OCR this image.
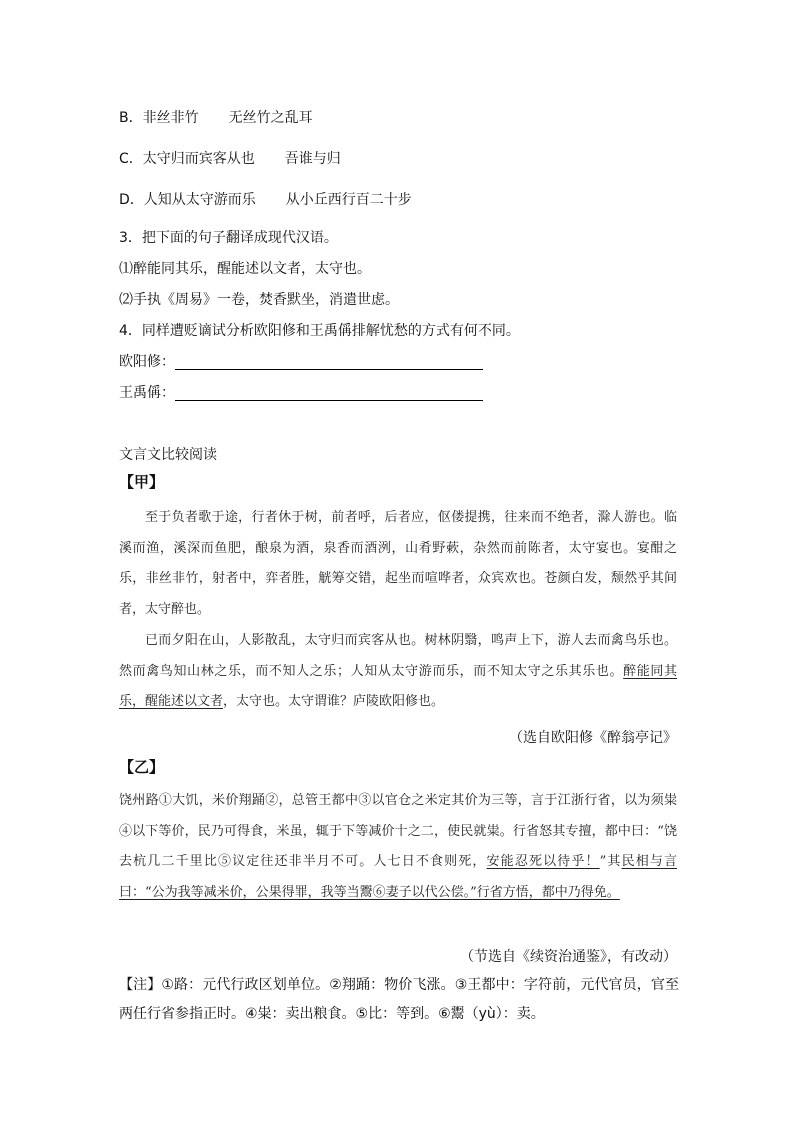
B．非丝非竹 无丝竹之乱耳
C．太守归而宾客从也 吾谁与归
D．人知从太守游而乐 从小丘西行百二十步
3．把下面的句子翻译成现代汉语。
⑴醉能同其乐，醒能述以文者，太守也。
⑵手执《周易》一卷，焚香默坐，消遣世虑。
4．同样遭贬谪试分析欧阳修和王禹偁排解忧愁的方式有何不同。
欧阳修：
王禹偁：
文言文比较阅读
【甲】

至于负者歌于途，行者休于树，前者呼，后者应，伛偻提携，往来而不绝者，滁人游也。临溪而渔，溪深而鱼肥，酿泉为酒，泉香而酒洌，山肴野蔌，杂然而前陈者，太守宴也。宴酣之乐，非丝非竹，射者中，弈者胜，觥筹交错，起坐而喧哗者，众宾欢也。苍颜白发，颓然乎其间者，太守醉也。

已而夕阳在山，人影散乱，太守归而宾客从也。树林阴翳，鸣声上下，游人去而禽鸟乐也。然而禽鸟知山林之乐，而不知人之乐；人知从太守游而乐，而不知太守之乐其乐也。醉能同其乐，醒能述以文者，太守也。太守谓谁？庐陵欧阳修也。

（选自欧阳修《醉翁亭记》
【乙】

饶州路①大饥，米价翔踊②，总管王都中③以官仓之米定其价为三等，言于江浙行省，以为须粜④以下等价，民乃可得食，米虽，辄于下等减价十之二，使民就粜。行省怒其专擅，都中曰：“饶去杭几二千里比⑤议定往还非半月不可。人七日不食则死，安能忍死以待乎！”其民相与言曰：“公为我等减米价，公果得罪，我等当鬻⑥妻子以代公偿。”行省方悟，都中乃得免。

（节选自《续资治通鉴》，有改动）
【注】①路：元代行政区划单位。②翔踊：物价飞涨。③王都中：字符前，元代官员，官至两任行省参指正时。④粜：卖出粮食。⑤比：等到。⑥鬻（yù）：卖。
